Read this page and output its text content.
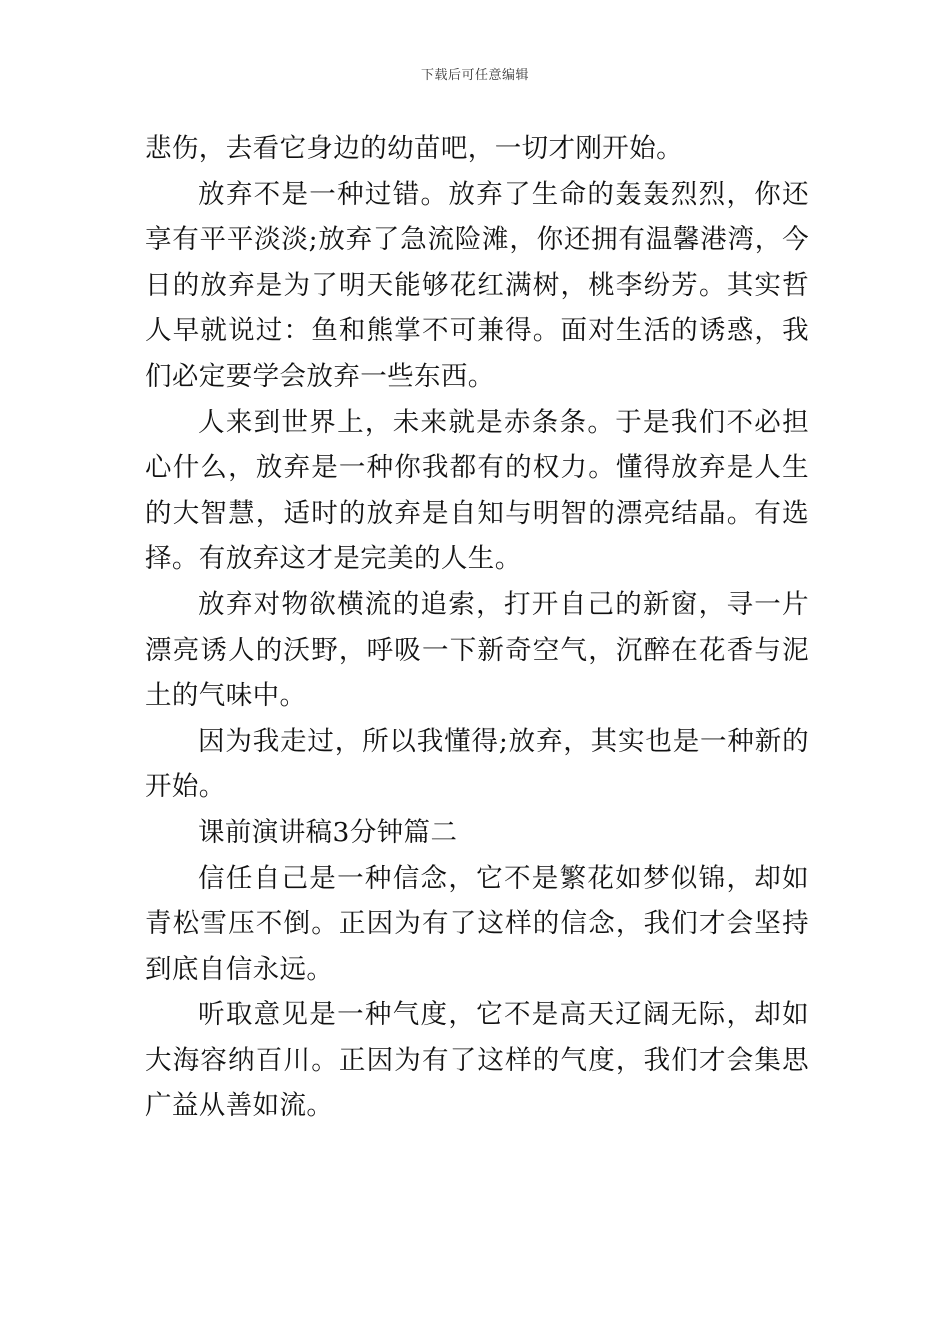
下载后可任意编辑

悲伤，去看它身边的幼苗吧，一切才刚开始。

放弃不是一种过错。放弃了生命的轰轰烈烈，你还享有平平淡淡;放弃了急流险滩，你还拥有温馨港湾，今日的放弃是为了明天能够花红满树，桃李纷芳。其实哲人早就说过：鱼和熊掌不可兼得。面对生活的诱惑，我们必定要学会放弃一些东西。

人来到世界上，未来就是赤条条。于是我们不必担心什么，放弃是一种你我都有的权力。懂得放弃是人生的大智慧，适时的放弃是自知与明智的漂亮结晶。有选择。有放弃这才是完美的人生。

放弃对物欲横流的追索，打开自己的新窗，寻一片漂亮诱人的沃野，呼吸一下新奇空气，沉醉在花香与泥土的气味中。

因为我走过，所以我懂得;放弃，其实也是一种新的开始。

课前演讲稿3分钟篇二

信任自己是一种信念，它不是繁花如梦似锦，却如青松雪压不倒。正因为有了这样的信念，我们才会坚持到底自信永远。

听取意见是一种气度，它不是高天辽阔无际，却如大海容纳百川。正因为有了这样的气度，我们才会集思广益从善如流。
